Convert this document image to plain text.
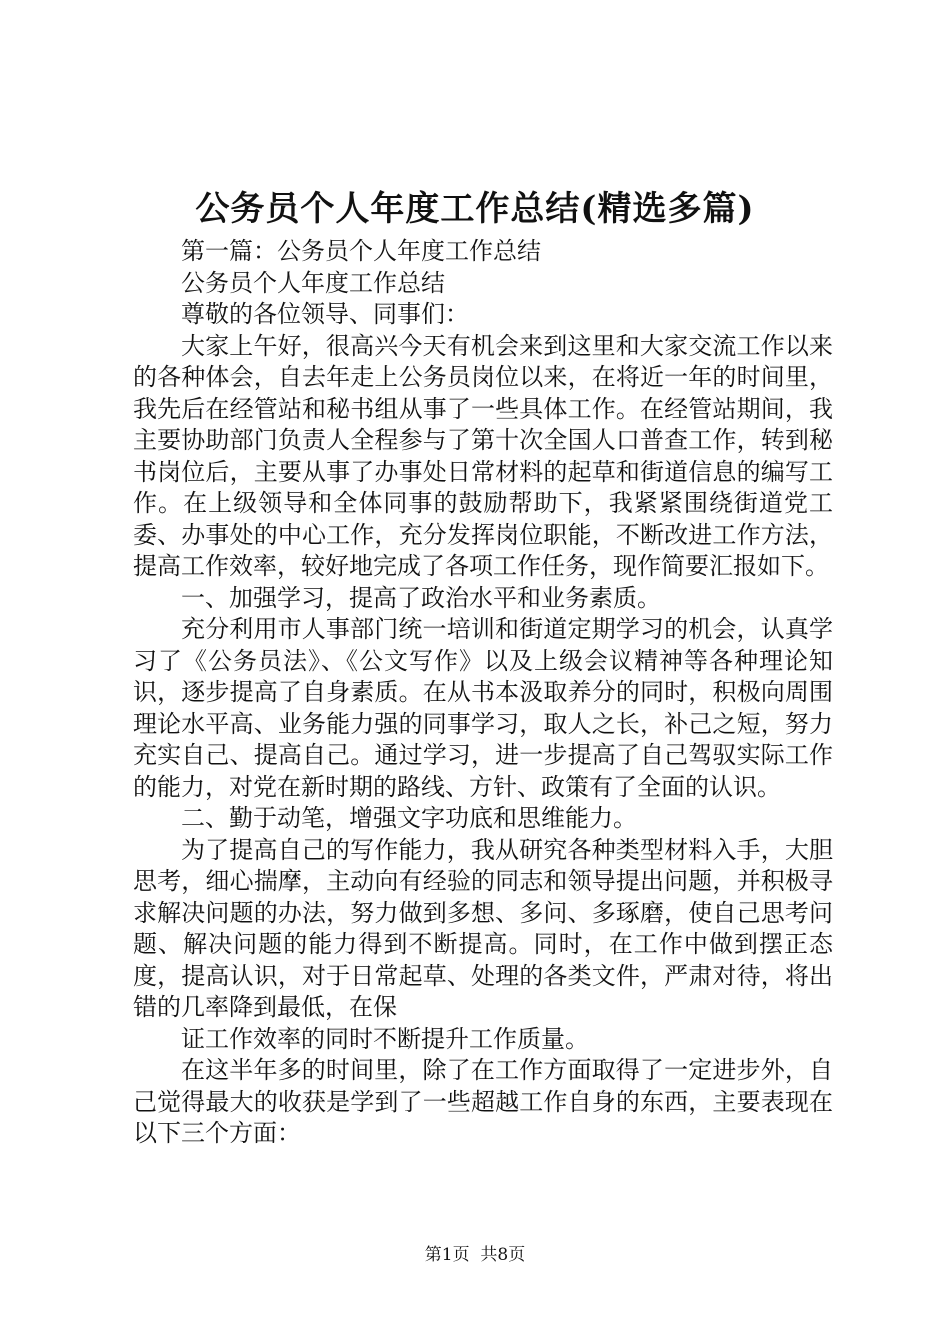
公务员个人年度工作总结(精选多篇)

第一篇：公务员个人年度工作总结

公务员个人年度工作总结

尊敬的各位领导、同事们：

大家上午好，很高兴今天有机会来到这里和大家交流工作以来的各种体会，自去年走上公务员岗位以来，在将近一年的时间里，我先后在经管站和秘书组从事了一些具体工作。在经管站期间，我主要协助部门负责人全程参与了第十次全国人口普查工作，转到秘书岗位后，主要从事了办事处日常材料的起草和街道信息的编写工作。在上级领导和全体同事的鼓励帮助下，我紧紧围绕街道党工委、办事处的中心工作，充分发挥岗位职能，不断改进工作方法，提高工作效率，较好地完成了各项工作任务，现作简要汇报如下。

一、加强学习，提高了政治水平和业务素质。

充分利用市人事部门统一培训和街道定期学习的机会，认真学习了《公务员法》、《公文写作》以及上级会议精神等各种理论知识，逐步提高了自身素质。在从书本汲取养分的同时，积极向周围理论水平高、业务能力强的同事学习，取人之长，补己之短，努力充实自己、提高自己。通过学习，进一步提高了自己驾驭实际工作的能力，对党在新时期的路线、方针、政策有了全面的认识。

二、勤于动笔，增强文字功底和思维能力。

为了提高自己的写作能力，我从研究各种类型材料入手，大胆思考，细心揣摩，主动向有经验的同志和领导提出问题，并积极寻求解决问题的办法，努力做到多想、多问、多琢磨，使自己思考问题、解决问题的能力得到不断提高。同时，在工作中做到摆正态度，提高认识，对于日常起草、处理的各类文件，严肃对待，将出错的几率降到最低，在保

证工作效率的同时不断提升工作质量。

在这半年多的时间里，除了在工作方面取得了一定进步外，自己觉得最大的收获是学到了一些超越工作自身的东西，主要表现在以下三个方面：

第1页 共8页
